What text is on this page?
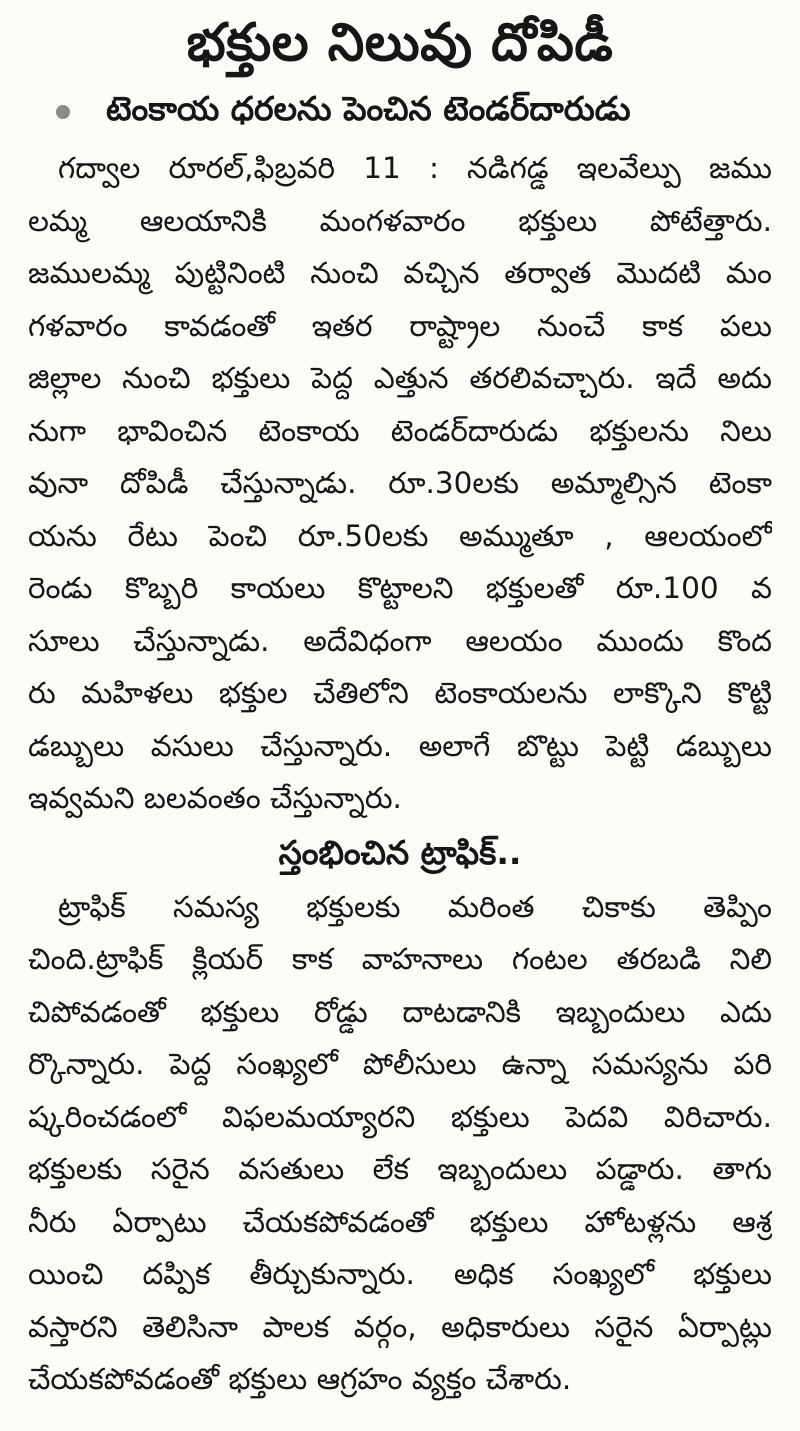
భక్తుల నిలువు దోపిడీ
టెంకాయ ధరలను పెంచిన టెండర్‌దారుడు
గద్వాల రూరల్,ఫిబ్రవరి 11 : నడిగడ్డ ఇలవేల్పు జము
లమ్మ ఆలయానికి మంగళవారం భక్తులు పోటేత్తారు.
జములమ్మ పుట్టినింటి నుంచి వచ్చిన తర్వాత మొదటి మం
గళవారం కావడంతో ఇతర రాష్ట్రాల నుంచే కాక పలు
జిల్లాల నుంచి భక్తులు పెద్ద ఎత్తున తరలివచ్చారు. ఇదే అదు
నుగా భావించిన టెంకాయ టెండర్‌దారుడు భక్తులను నిలు
వునా దోపిడీ చేస్తున్నాడు. రూ.30లకు అమ్మాల్సిన టెంకా
యను రేటు పెంచి రూ.50లకు అమ్ముతూ , ఆలయంలో
రెండు కొబ్బరి కాయలు కొట్టాలని భక్తులతో రూ.100 వ
సూలు చేస్తున్నాడు. అదేవిధంగా ఆలయం ముందు కొంద
రు మహిళలు భక్తుల చేతిలోని టెంకాయలను లాక్కొని కొట్టి
డబ్బులు వసులు చేస్తున్నారు. అలాగే బొట్టు పెట్టి డబ్బులు
ఇవ్వమని బలవంతం చేస్తున్నారు.
స్తంభించిన ట్రాఫిక్..
ట్రాఫిక్ సమస్య భక్తులకు మరింత చికాకు తెప్పిం
చింది.ట్రాఫిక్ క్లియర్ కాక వాహనాలు గంటల తరబడి నిలి
చిపోవడంతో భక్తులు రోడ్డు దాటడానికి ఇబ్బందులు ఎదు
ర్కొన్నారు. పెద్ద సంఖ్యలో పోలీసులు ఉన్నా సమస్యను పరి
ష్కరించడంలో విఫలమయ్యారని భక్తులు పెదవి విరిచారు.
భక్తులకు సరైన వసతులు లేక ఇబ్బందులు పడ్డారు. తాగు
నీరు ఏర్పాటు చేయకపోవడంతో భక్తులు హోటళ్లను ఆశ్ర
యించి దప్పిక తీర్చుకున్నారు. అధిక సంఖ్యలో భక్తులు
వస్తారని తెలిసినా పాలక వర్గం, అధికారులు సరైన ఏర్పాట్లు
చేయకపోవడంతో భక్తులు ఆగ్రహం వ్యక్తం చేశారు.
